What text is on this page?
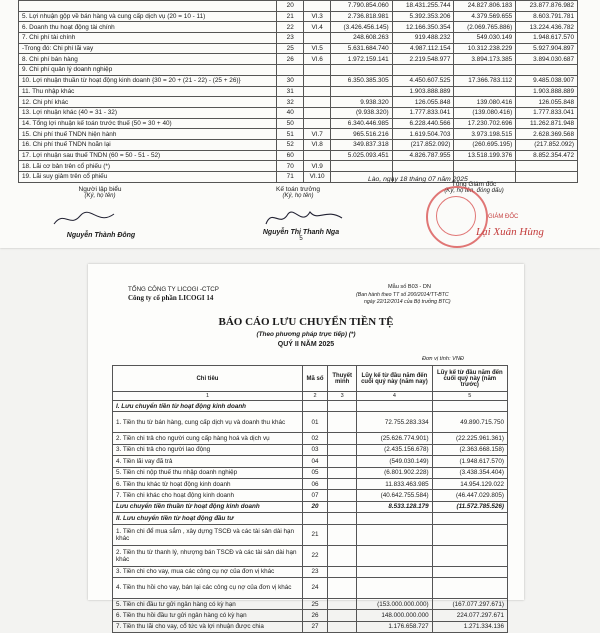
	20		7.790.854.060	18.431.255.744	24.827.806.183	23.877.876.982
5. Lợi nhuận gộp về bán hàng và cung cấp dịch vụ (20 = 10 - 11)	21	VI.3	2.736.818.981	5.392.353.206	4.379.569.655	8.603.791.781
6. Doanh thu hoạt động tài chính	22	VI.4	(3.426.456.145)	12.166.350.354	(2.069.765.886)	13.224.436.782
7. Chi phí tài chính	23		248.608.263	919.488.232	549.030.149	1.948.617.570
-Trong đó: Chi phí lãi vay	25	VI.5	5.631.684.740	4.987.112.154	10.312.238.229	5.927.904.897
8. Chi phí bán hàng	26	VI.6	1.972.159.141	2.219.548.977	3.894.173.385	3.894.030.687
9. Chi phí quản lý doanh nghiệp						
10. Lợi nhuận thuần từ hoạt động kinh doanh {30 = 20 + (21 - 22) - (25 + 26)}	30		6.350.385.305	4.450.607.525	17.366.783.112	9.485.038.907
11. Thu nhập khác	31			1.903.888.889		1.903.888.889
12. Chi phí khác	32		9.938.320	126.055.848	139.080.416	126.055.848
13. Lợi nhuận khác (40 = 31 - 32)	40		(9.938.320)	1.777.833.041	(139.080.416)	1.777.833.041
14. Tổng lợi nhuận kế toán trước thuế (50 = 30 + 40)	50		6.340.446.985	6.228.440.566	17.230.702.696	11.262.871.948
15. Chi phí thuế TNDN hiện hành	51	VI.7	965.516.216	1.619.504.703	3.973.198.515	2.628.369.568
16. Chi phí thuế TNDN hoãn lại	52	VI.8	349.837.318	(217.852.092)	(260.695.195)	(217.852.092)
17. Lợi nhuận sau thuế TNDN (60 = 50 - 51 - 52)	60		5.025.093.451	4.826.787.955	13.518.199.376	8.852.354.472
18. Lãi cơ bản trên cổ phiếu (*)	70	VI.9				
19. Lãi suy giảm trên cổ phiếu	71	VI.10					Lào, ngày 18 tháng 07 năm 2025
Người lập biểu
(Ký, họ tên)
Nguyễn Thành Đông
Kế toán trưởng
(Ký, họ tên)
Nguyễn Thị Thanh Nga
5
Tổng Giám đốc
(Ký, họ tên, đóng dấu)
GIÁM ĐỐC
Lại Xuân Hùng
TỔNG CÔNG TY LICOGI -CTCP
Công ty cổ phần LICOGI 14
Mẫu số B03 - DN
(Ban hành theo TT số 200/2014/TT-BTC
ngày 22/12/2014 của Bộ trưởng BTC)
BÁO CÁO LƯU CHUYỂN TIỀN TỆ
(Theo phương pháp trực tiếp) (*)
QUÝ II NĂM 2025
Đơn vị tính: VNĐ
Chỉ tiêu	Mã số	Thuyết minh	Lũy kế từ đầu năm đến cuối quý này (năm nay)	Lũy kế từ đầu năm đến cuối quý này (năm trước)
1	2	3	4	5
I. Lưu chuyển tiền từ hoạt động kinh doanh				
1. Tiền thu từ bán hàng, cung cấp dịch vụ và doanh thu khác	01		72.755.283.334	49.890.715.750
2. Tiền chi trả cho người cung cấp hàng hoá và dịch vụ	02		(25.626.774.901)	(22.225.961.361)
3. Tiền chi trả cho người lao động	03		(2.435.156.678)	(2.363.668.158)
4. Tiền lãi vay đã trả	04		(549.030.149)	(1.948.617.570)
5. Tiền chi nộp thuế thu nhập doanh nghiệp	05		(6.801.902.228)	(3.438.354.404)
6. Tiền thu khác từ hoạt động kinh doanh	06		11.833.463.985	14.954.129.022
7. Tiền chi khác cho hoạt động kinh doanh	07		(40.642.755.584)	(46.447.029.805)
Lưu chuyển tiền thuần từ hoạt động kinh doanh	20		8.533.128.179	(11.572.785.526)
II. Lưu chuyển tiền từ hoạt động đầu tư				
1. Tiền chi để mua sắm , xây dựng TSCĐ và các tài sản dài hạn khác	21			
2. Tiền thu từ thanh lý, nhượng bán TSCĐ và các tài sản dài hạn khác	22			
3. Tiền chi cho vay, mua các công cụ nợ của đơn vị khác	23			
4. Tiền thu hồi cho vay, bán lại các công cụ nợ của đơn vị khác	24			
5. Tiền chi đầu tư gửi ngân hàng có kỳ hạn	25		(153.000.000.000)	(167.077.297.671)
6. Tiền thu hồi đầu tư gửi ngân hàng có kỳ hạn	26		148.000.000.000	224.077.297.671
7. Tiền thu lãi cho vay, cổ tức và lợi nhuận được chia	27		1.176.658.727	1.271.334.136
